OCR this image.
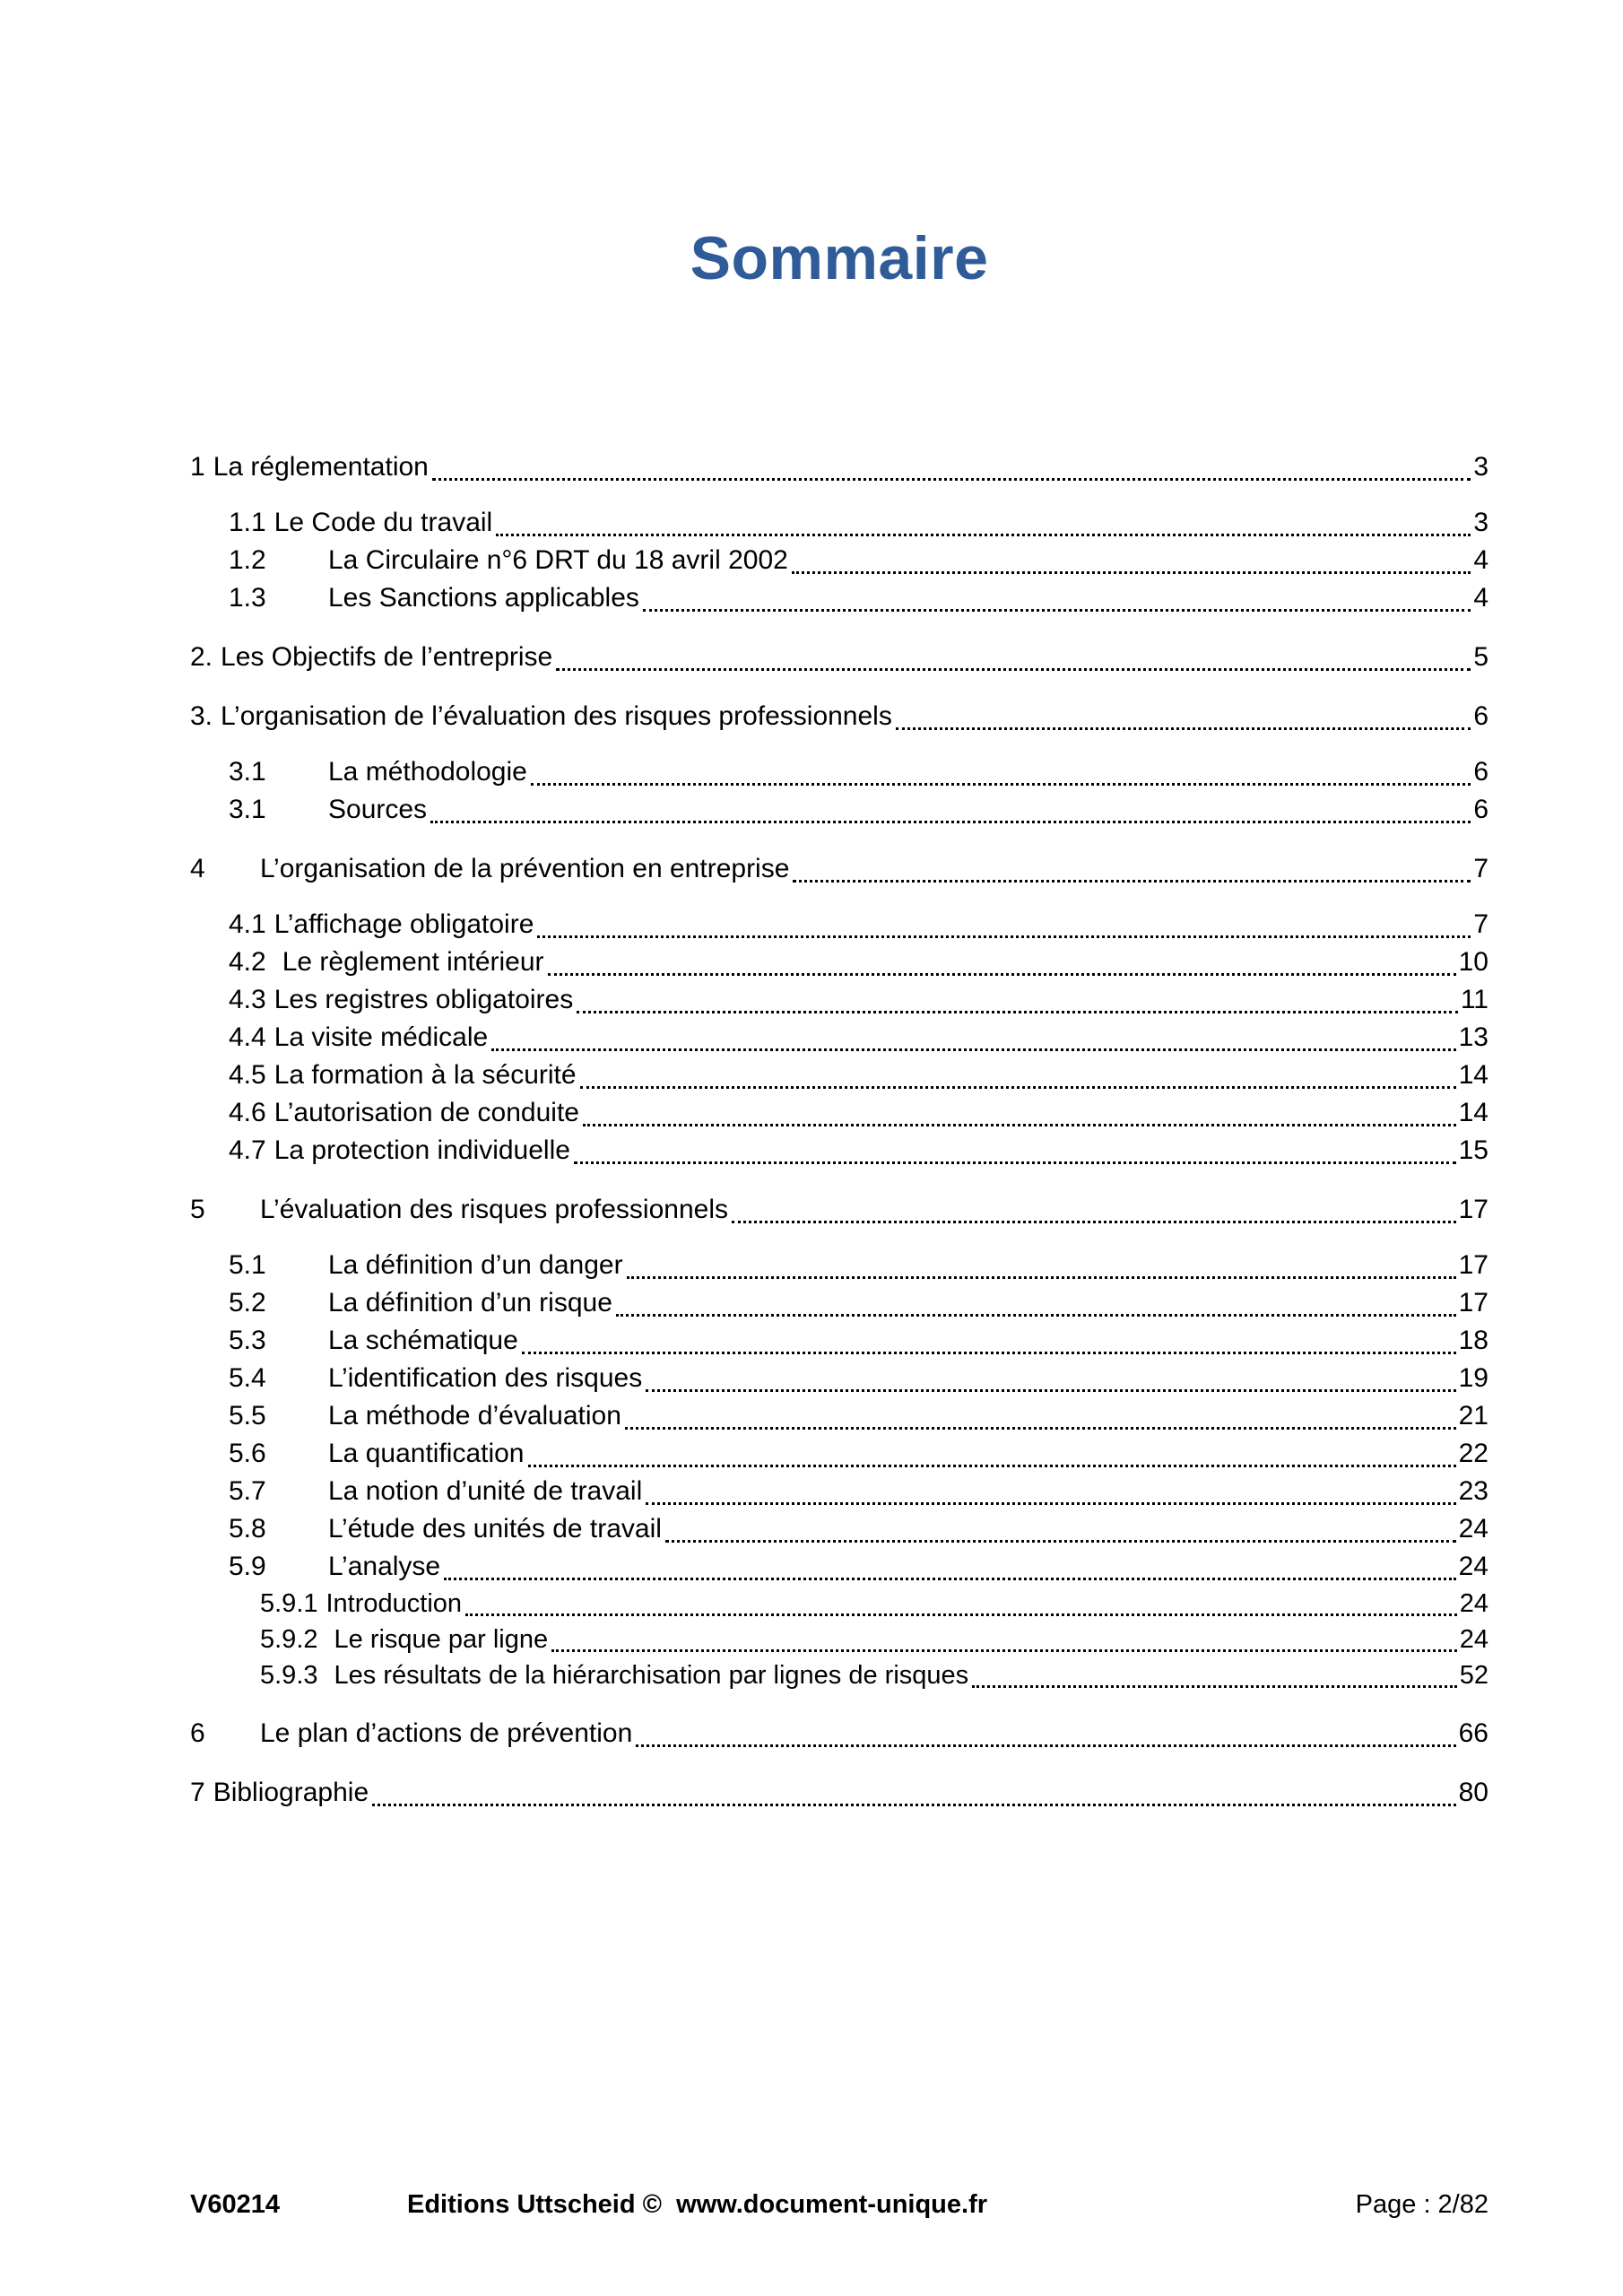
Sommaire
1 La réglementation	3
1.1 Le Code du travail	3
1.2	La Circulaire n°6 DRT du 18 avril 2002	4
1.3	Les Sanctions applicables	4
2. Les Objectifs de l’entreprise	5
3. L’organisation de l’évaluation des risques professionnels	6
3.1	La méthodologie	6
3.1	Sources	6
4	L’organisation de la prévention en entreprise	7
4.1 L’affichage obligatoire	7
4.2 Le règlement intérieur	10
4.3 Les registres obligatoires	11
4.4 La visite médicale	13
4.5 La formation à la sécurité	14
4.6 L’autorisation de conduite	14
4.7 La protection individuelle	15
5	L’évaluation des risques professionnels	17
5.1	La définition d’un danger	17
5.2	La définition d’un risque	17
5.3	La schématique	18
5.4	L’identification des risques	19
5.5	La méthode d’évaluation	21
5.6	La quantification	22
5.7	La notion d’unité de travail	23
5.8	L’étude des unités de travail	24
5.9	L’analyse	24
5.9.1 Introduction	24
5.9.2 Le risque par ligne	24
5.9.3 Les résultats de la hiérarchisation par lignes de risques	52
6	Le plan d’actions de prévention	66
7 Bibliographie	80
V60214	Editions Uttscheid ©  www.document-unique.fr	Page : 2/82
